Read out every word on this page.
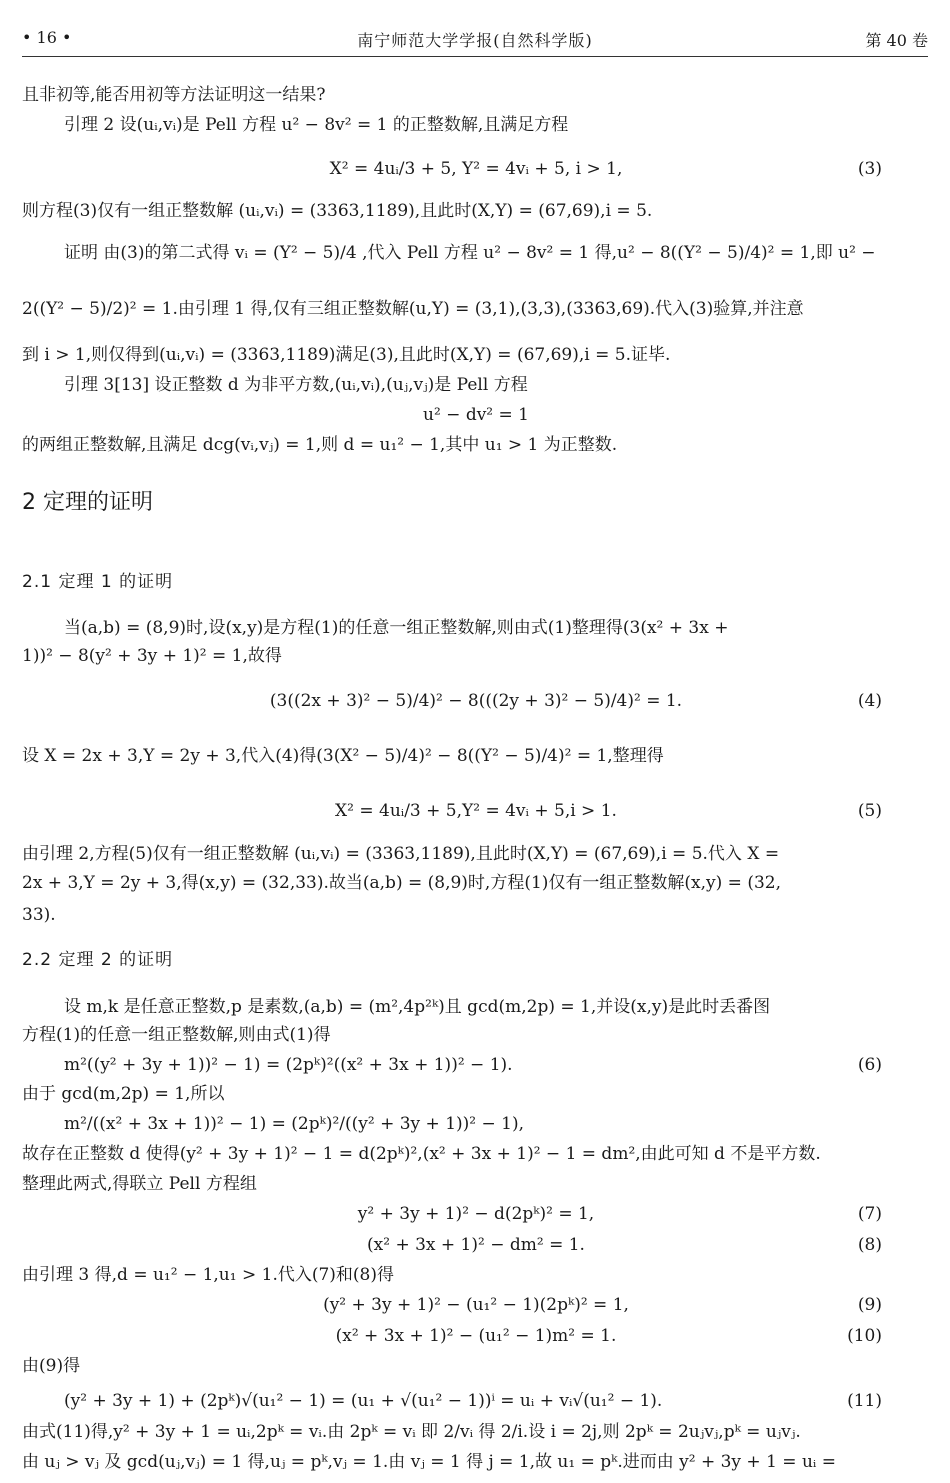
• 16 •	南宁师范大学学报(自然科学版)	第 40 卷
且非初等,能否用初等方法证明这一结果?
引理 2 设(uᵢ,vᵢ)是 Pell 方程 u² − 8v² = 1 的正整数解,且满足方程
X² = 4uᵢ/3 + 5, Y² = 4vᵢ + 5, i > 1,	(3)
则方程(3)仅有一组正整数解 (uᵢ,vᵢ) = (3363,1189),且此时(X,Y) = (67,69),i = 5.
证明 由(3)的第二式得 vᵢ = (Y² − 5)/4 ,代入 Pell 方程 u² − 8v² = 1 得,u² − 8((Y² − 5)/4)² = 1,即 u² −
2((Y² − 5)/2)² = 1.由引理 1 得,仅有三组正整数解(u,Y) = (3,1),(3,3),(3363,69).代入(3)验算,并注意
到 i > 1,则仅得到(uᵢ,vᵢ) = (3363,1189)满足(3),且此时(X,Y) = (67,69),i = 5.证毕.
引理 3[13] 设正整数 d 为非平方数,(uᵢ,vᵢ),(uⱼ,vⱼ)是 Pell 方程
u² − dv² = 1
的两组正整数解,且满足 dcg(vᵢ,vⱼ) = 1,则 d = u₁² − 1,其中 u₁ > 1 为正整数.
2 定理的证明
2.1 定理 1 的证明
当(a,b) = (8,9)时,设(x,y)是方程(1)的任意一组正整数解,则由式(1)整理得(3(x² + 3x +
1))² − 8(y² + 3y + 1)² = 1,故得
(3((2x + 3)² − 5)/4)² − 8(((2y + 3)² − 5)/4)² = 1.	(4)
设 X = 2x + 3,Y = 2y + 3,代入(4)得(3(X² − 5)/4)² − 8((Y² − 5)/4)² = 1,整理得
X² = 4uᵢ/3 + 5,Y² = 4vᵢ + 5,i > 1.	(5)
由引理 2,方程(5)仅有一组正整数解 (uᵢ,vᵢ) = (3363,1189),且此时(X,Y) = (67,69),i = 5.代入 X =
2x + 3,Y = 2y + 3,得(x,y) = (32,33).故当(a,b) = (8,9)时,方程(1)仅有一组正整数解(x,y) = (32,
33).
2.2 定理 2 的证明
设 m,k 是任意正整数,p 是素数,(a,b) = (m²,4p²ᵏ)且 gcd(m,2p) = 1,并设(x,y)是此时丢番图
方程(1)的任意一组正整数解,则由式(1)得
m²((y² + 3y + 1))² − 1) = (2pᵏ)²((x² + 3x + 1))² − 1).	(6)
由于 gcd(m,2p) = 1,所以
m²/((x² + 3x + 1))² − 1) = (2pᵏ)²/((y² + 3y + 1))² − 1),
故存在正整数 d 使得(y² + 3y + 1)² − 1 = d(2pᵏ)²,(x² + 3x + 1)² − 1 = dm²,由此可知 d 不是平方数.
整理此两式,得联立 Pell 方程组
y² + 3y + 1)² − d(2pᵏ)² = 1,	(7)
(x² + 3x + 1)² − dm² = 1.	(8)
由引理 3 得,d = u₁² − 1,u₁ > 1.代入(7)和(8)得
(y² + 3y + 1)² − (u₁² − 1)(2pᵏ)² = 1,	(9)
(x² + 3x + 1)² − (u₁² − 1)m² = 1.	(10)
由(9)得
(y² + 3y + 1) + (2pᵏ)√(u₁² − 1) = (u₁ + √(u₁² − 1))ⁱ = uᵢ + vᵢ√(u₁² − 1).	(11)
由式(11)得,y² + 3y + 1 = uᵢ,2pᵏ = vᵢ.由 2pᵏ = vᵢ 即 2/vᵢ 得 2/i.设 i = 2j,则 2pᵏ = 2uⱼvⱼ,pᵏ = uⱼvⱼ.
由 uⱼ > vⱼ 及 gcd(uⱼ,vⱼ) = 1 得,uⱼ = pᵏ,vⱼ = 1.由 vⱼ = 1 得 j = 1,故 u₁ = pᵏ.进而由 y² + 3y + 1 = uᵢ =
